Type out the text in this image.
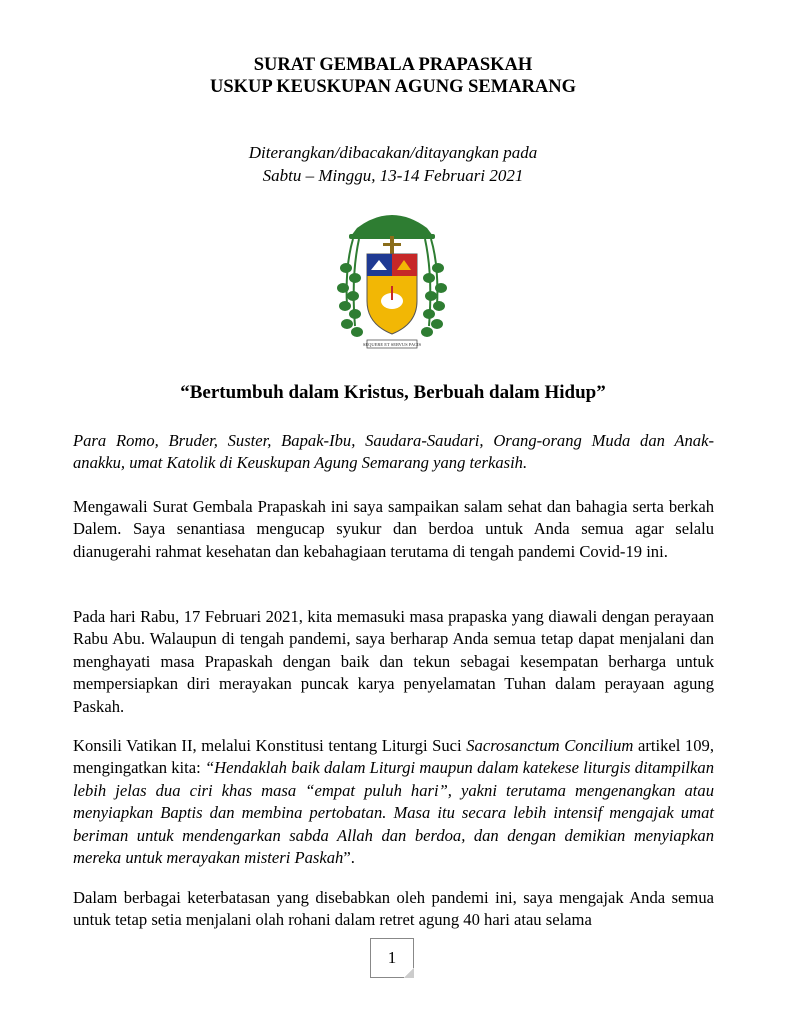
SURAT GEMBALA PRAPASKAH
USKUP KEUSKUPAN AGUNG SEMARANG
Diterangkan/dibacakan/ditayangkan pada
Sabtu – Minggu, 13-14 Februari 2021
SEQUERE ET SERVUS PACIS
“Bertumbuh dalam Kristus, Berbuah dalam Hidup”

Para Romo, Bruder, Suster, Bapak-Ibu, Saudara-Saudari, Orang-orang Muda dan Anak-anakku, umat Katolik di Keuskupan Agung Semarang yang terkasih.

Mengawali Surat Gembala Prapaskah ini saya sampaikan salam sehat dan bahagia serta berkah Dalem. Saya senantiasa mengucap syukur dan berdoa untuk Anda semua agar selalu dianugerahi rahmat kesehatan dan kebahagiaan terutama di tengah pandemi Covid-19 ini.

Pada hari Rabu, 17 Februari 2021, kita memasuki masa prapaska yang diawali dengan perayaan Rabu Abu. Walaupun di tengah pandemi, saya berharap Anda semua tetap dapat menjalani dan menghayati masa Prapaskah dengan baik dan tekun sebagai kesempatan berharga untuk mempersiapkan diri merayakan puncak karya penyelamatan Tuhan dalam perayaan agung Paskah.

Konsili Vatikan II, melalui Konstitusi tentang Liturgi Suci Sacrosanctum Concilium artikel 109, mengingatkan kita: “Hendaklah baik dalam Liturgi maupun dalam katekese liturgis ditampilkan lebih jelas dua ciri khas masa “empat puluh hari”, yakni terutama mengenangkan atau menyiapkan Baptis dan membina pertobatan. Masa itu secara lebih intensif mengajak umat beriman untuk mendengarkan sabda Allah dan berdoa, dan dengan demikian menyiapkan mereka untuk merayakan misteri Paskah”.

Dalam berbagai keterbatasan yang disebabkan oleh pandemi ini, saya mengajak Anda semua untuk tetap setia menjalani olah rohani dalam retret agung 40 hari atau selama

1
